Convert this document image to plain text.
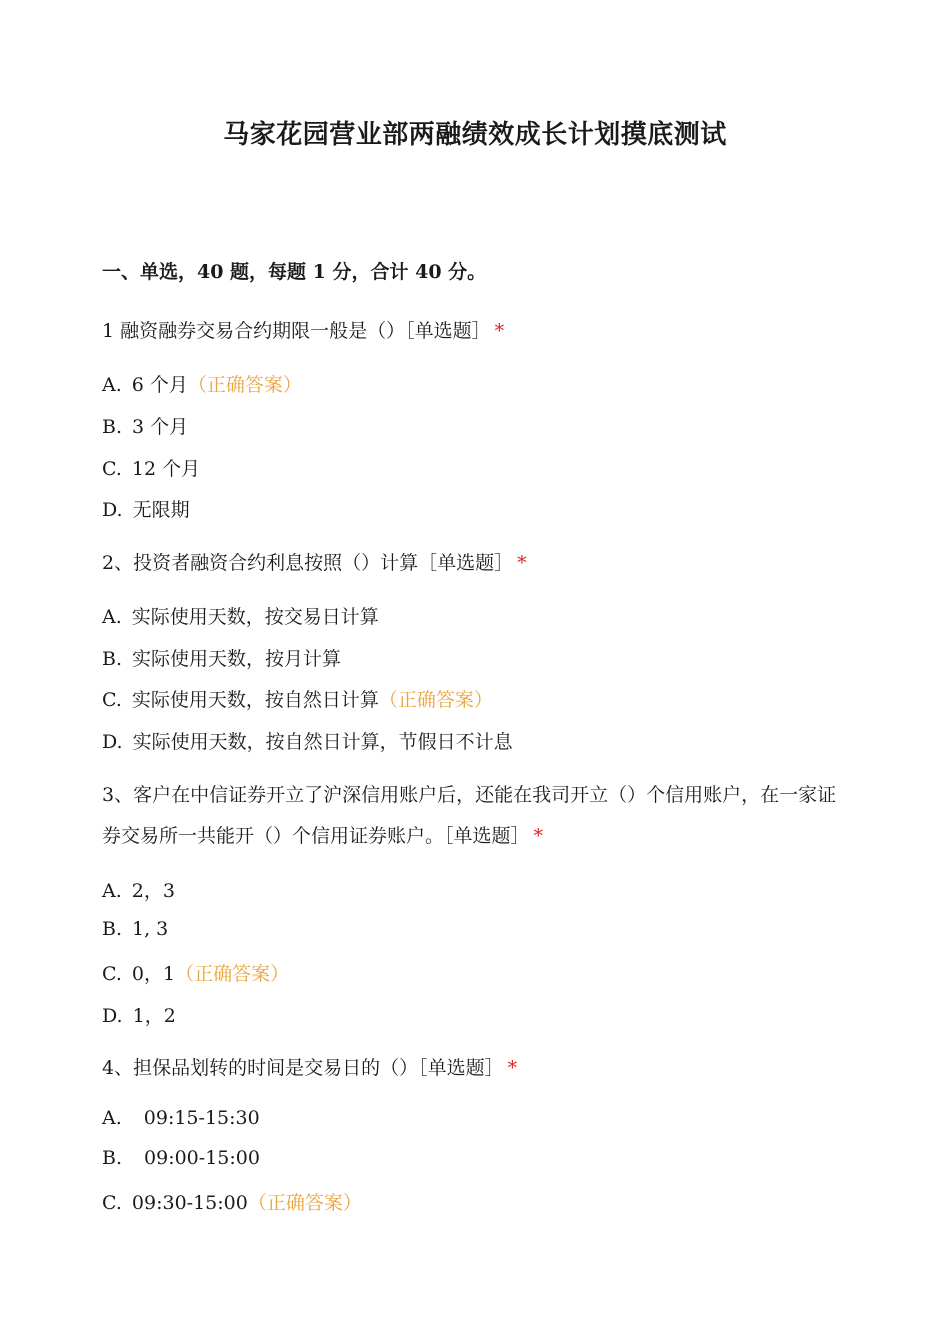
马家花园营业部两融绩效成长计划摸底测试
一、单选，40 题，每题 1 分，合计 40 分。
1 融资融券交易合约期限一般是（）［单选题］ *
A. 6 个月（正确答案）
B. 3 个月
C. 12 个月
D. 无限期
2、投资者融资合约利息按照（）计算［单选题］ *
A. 实际使用天数，按交易日计算
B. 实际使用天数，按月计算
C. 实际使用天数，按自然日计算（正确答案）
D. 实际使用天数，按自然日计算，节假日不计息
3、客户在中信证券开立了沪深信用账户后，还能在我司开立（）个信用账户，在一家证券交易所一共能开（）个信用证券账户。［单选题］ *
A. 2，3
B. 1, 3
C. 0，1（正确答案）
D. 1，2
4、担保品划转的时间是交易日的（）［单选题］ *
A. 09:15-15:30
B. 09:00-15:00
C. 09:30-15:00（正确答案）
